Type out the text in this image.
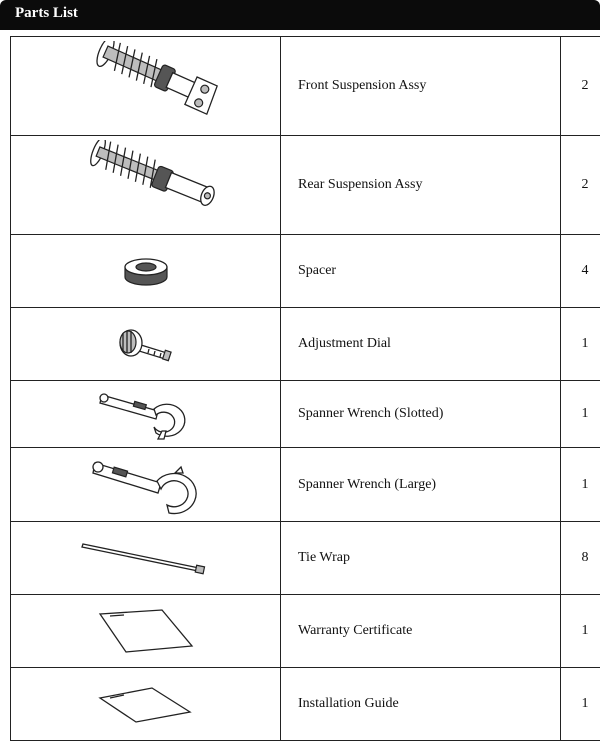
Parts List
	Front Suspension Assy	2

	Rear Suspension Assy	2

	Spacer	4

	Adjustment Dial	1

	Spanner Wrench (Slotted)	1

	Spanner Wrench (Large)	1

	Tie Wrap	8

	Warranty Certificate	1

	Installation Guide	1
